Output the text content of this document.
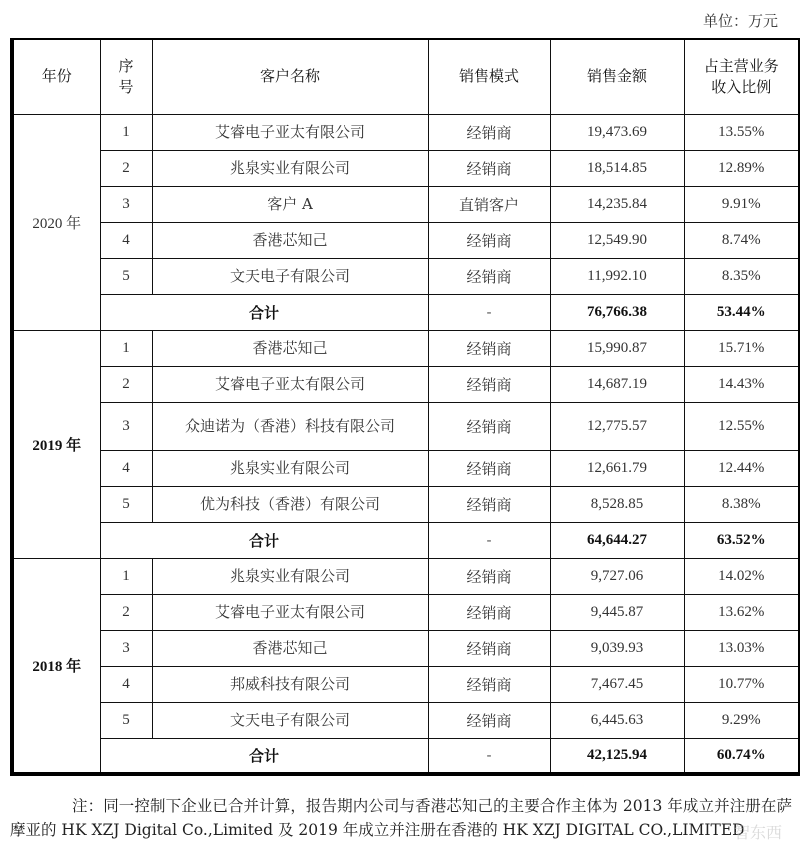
单位：万元
年份	序号	客户名称	销售模式	销售金额	占主营业务收入比例
2020 年	1	艾睿电子亚太有限公司	经销商	19,473.69	13.55%
	2	兆泉实业有限公司	经销商	18,514.85	12.89%
	3	客户 A	直销客户	14,235.84	9.91%
	4	香港芯知己	经销商	12,549.90	8.74%
	5	文天电子有限公司	经销商	11,992.10	8.35%
	合计		-	76,766.38	53.44%
2019 年	1	香港芯知己	经销商	15,990.87	15.71%
	2	艾睿电子亚太有限公司	经销商	14,687.19	14.43%
	3	众迪诺为（香港）科技有限公司	经销商	12,775.57	12.55%
	4	兆泉实业有限公司	经销商	12,661.79	12.44%
	5	优为科技（香港）有限公司	经销商	8,528.85	8.38%
	合计		-	64,644.27	63.52%
2018 年	1	兆泉实业有限公司	经销商	9,727.06	14.02%
	2	艾睿电子亚太有限公司	经销商	9,445.87	13.62%
	3	香港芯知己	经销商	9,039.93	13.03%
	4	邦威科技有限公司	经销商	7,467.45	10.77%
	5	文天电子有限公司	经销商	6,445.63	9.29%
	合计		-	42,125.94	60.74%
注：同一控制下企业已合并计算，报告期内公司与香港芯知己的主要合作主体为 2013 年成立并注册在萨摩亚的 HK XZJ Digital Co.,Limited 及 2019 年成立并注册在香港的 HK XZJ DIGITAL CO.,LIMITED
智东西
